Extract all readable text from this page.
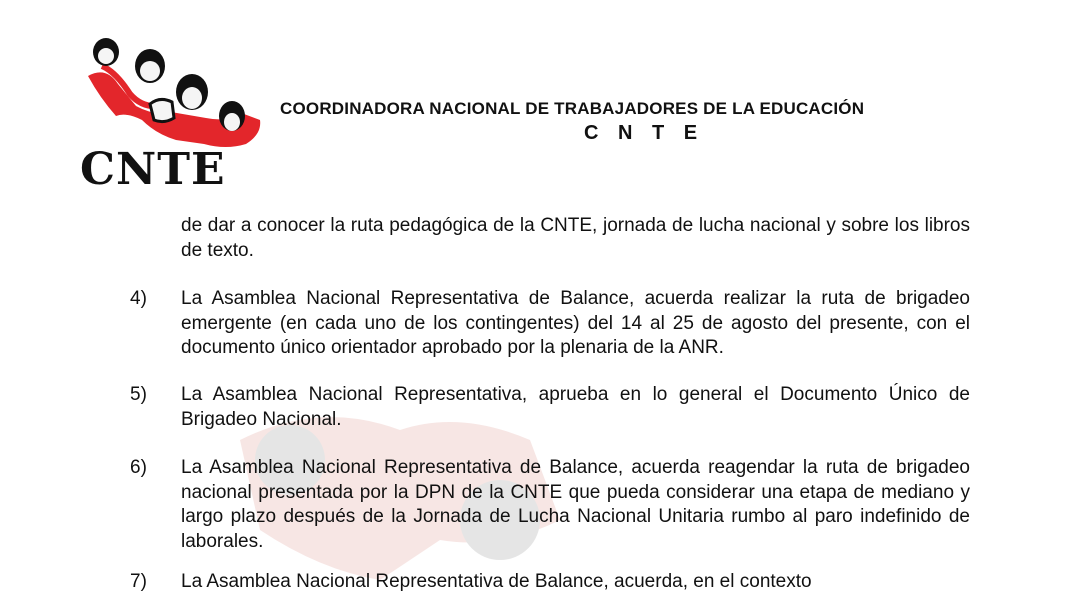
CNTE
COORDINADORA NACIONAL DE TRABAJADORES DE LA EDUCACIÓN
C N T E
de dar a conocer la ruta pedagógica de la CNTE, jornada de lucha nacional y sobre los libros de texto.
4) La Asamblea Nacional Representativa de Balance, acuerda realizar la ruta de brigadeo emergente (en cada uno de los contingentes) del 14 al 25 de agosto del presente, con el documento único orientador aprobado por la plenaria de la ANR.
5) La Asamblea Nacional Representativa, aprueba en lo general el Documento Único de Brigadeo Nacional.
6) La Asamblea Nacional Representativa de Balance, acuerda reagendar la ruta de brigadeo nacional presentada por la DPN de la CNTE que pueda considerar una etapa de mediano y largo plazo después de la Jornada de Lucha Nacional Unitaria rumbo al paro indefinido de laborales.
7) La Asamblea Nacional Representativa de Balance, acuerda, en el contexto
